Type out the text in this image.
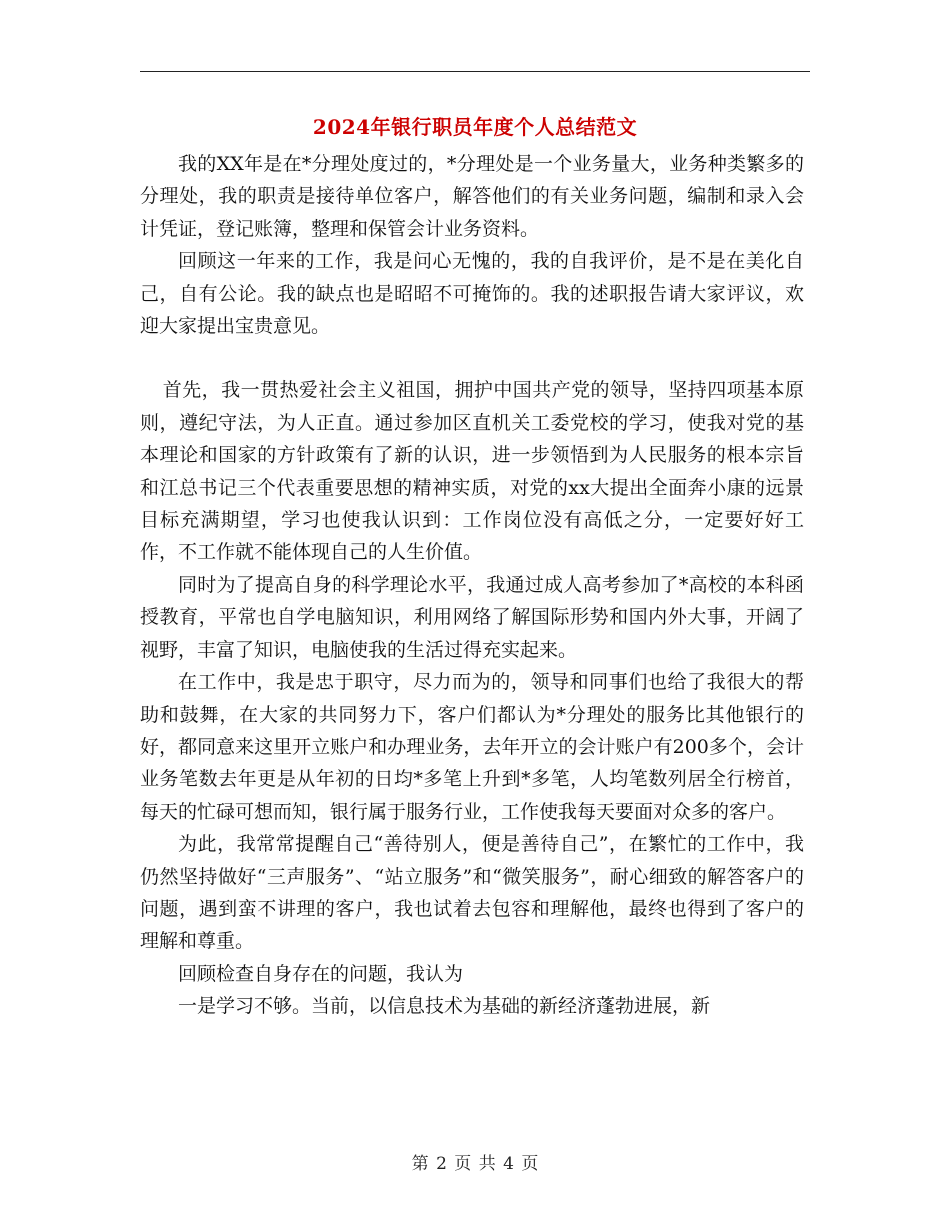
2024年银行职员年度个人总结范文

我的XX年是在*分理处度过的，*分理处是一个业务量大，业务种类繁多的分理处，我的职责是接待单位客户，解答他们的有关业务问题，编制和录入会计凭证，登记账簿，整理和保管会计业务资料。

回顾这一年来的工作，我是问心无愧的，我的自我评价，是不是在美化自己，自有公论。我的缺点也是昭昭不可掩饰的。我的述职报告请大家评议，欢迎大家提出宝贵意见。

首先，我一贯热爱社会主义祖国，拥护中国共产党的领导，坚持四项基本原则，遵纪守法，为人正直。通过参加区直机关工委党校的学习，使我对党的基本理论和国家的方针政策有了新的认识，进一步领悟到为人民服务的根本宗旨和江总书记三个代表重要思想的精神实质，对党的xx大提出全面奔小康的远景目标充满期望，学习也使我认识到：工作岗位没有高低之分，一定要好好工作，不工作就不能体现自己的人生价值。

同时为了提高自身的科学理论水平，我通过成人高考参加了*高校的本科函授教育，平常也自学电脑知识，利用网络了解国际形势和国内外大事，开阔了视野，丰富了知识，电脑使我的生活过得充实起来。

在工作中，我是忠于职守，尽力而为的，领导和同事们也给了我很大的帮助和鼓舞，在大家的共同努力下，客户们都认为*分理处的服务比其他银行的好，都同意来这里开立账户和办理业务，去年开立的会计账户有200多个，会计业务笔数去年更是从年初的日均*多笔上升到*多笔，人均笔数列居全行榜首，每天的忙碌可想而知，银行属于服务行业，工作使我每天要面对众多的客户。

为此，我常常提醒自己“善待别人，便是善待自己”，在繁忙的工作中，我仍然坚持做好“三声服务”、“站立服务”和“微笑服务”，耐心细致的解答客户的问题，遇到蛮不讲理的客户，我也试着去包容和理解他，最终也得到了客户的理解和尊重。

回顾检查自身存在的问题，我认为

一是学习不够。当前，以信息技术为基础的新经济蓬勃进展，新

第 2 页 共 4 页
